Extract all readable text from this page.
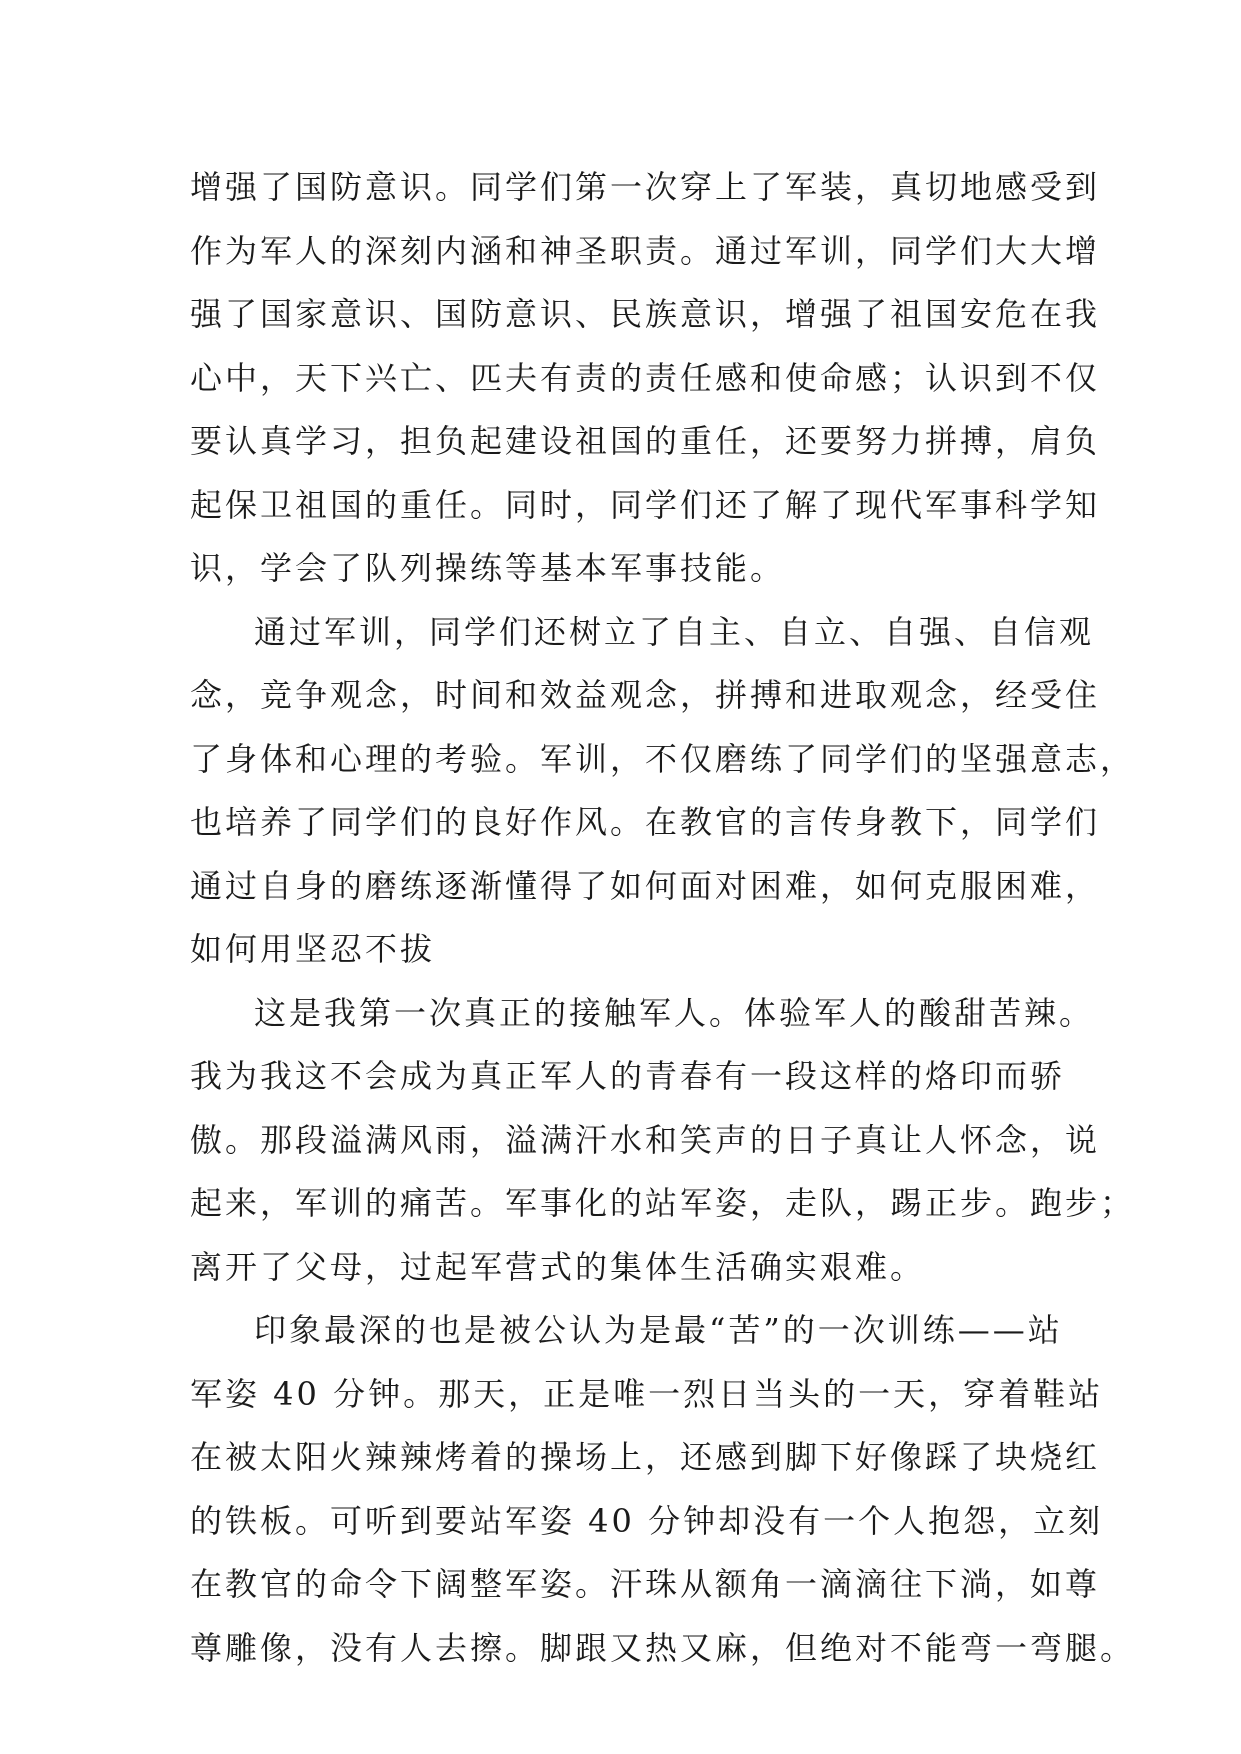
增强了国防意识。同学们第一次穿上了军装，真切地感受到
作为军人的深刻内涵和神圣职责。通过军训，同学们大大增
强了国家意识、国防意识、民族意识，增强了祖国安危在我
心中，天下兴亡、匹夫有责的责任感和使命感；认识到不仅
要认真学习，担负起建设祖国的重任，还要努力拼搏，肩负
起保卫祖国的重任。同时，同学们还了解了现代军事科学知
识，学会了队列操练等基本军事技能。
通过军训，同学们还树立了自主、自立、自强、自信观
念，竞争观念，时间和效益观念，拼搏和进取观念，经受住
了身体和心理的考验。军训，不仅磨练了同学们的坚强意志，
也培养了同学们的良好作风。在教官的言传身教下，同学们
通过自身的磨练逐渐懂得了如何面对困难，如何克服困难，
如何用坚忍不拔
这是我第一次真正的接触军人。体验军人的酸甜苦辣。
我为我这不会成为真正军人的青春有一段这样的烙印而骄
傲。那段溢满风雨，溢满汗水和笑声的日子真让人怀念，说
起来，军训的痛苦。军事化的站军姿，走队，踢正步。跑步；
离开了父母，过起军营式的集体生活确实艰难。
印象最深的也是被公认为是最“苦”的一次训练——站
军姿 40 分钟。那天，正是唯一烈日当头的一天，穿着鞋站
在被太阳火辣辣烤着的操场上，还感到脚下好像踩了块烧红
的铁板。可听到要站军姿 40 分钟却没有一个人抱怨，立刻
在教官的命令下阔整军姿。汗珠从额角一滴滴往下淌，如尊
尊雕像，没有人去擦。脚跟又热又麻，但绝对不能弯一弯腿。
